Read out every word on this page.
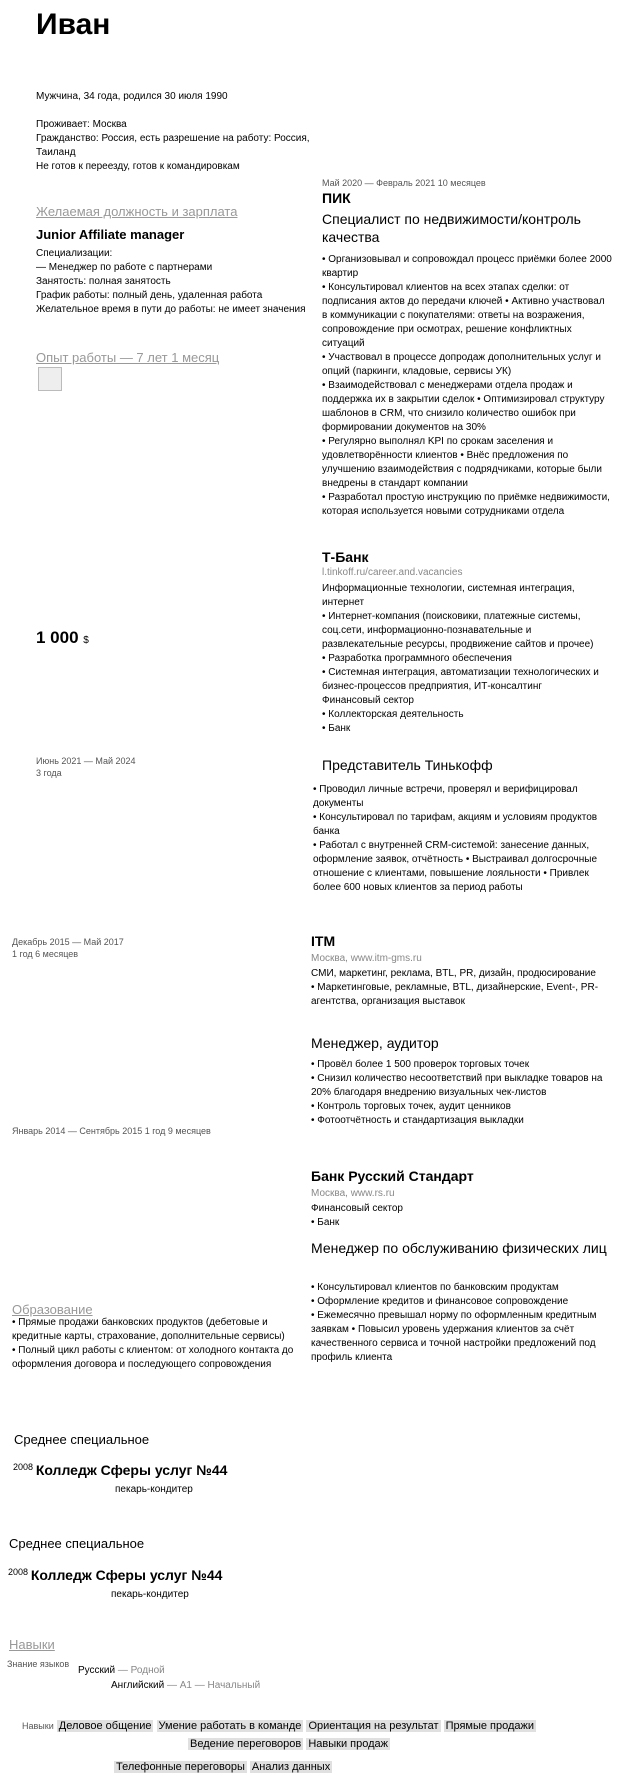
Иван
Мужчина, 34 года, родился 30 июля 1990
Проживает: Москва
Гражданство: Россия, есть разрешение на работу: Россия, Таиланд
Не готов к переезду, готов к командировкам
Желаемая должность и зарплата
Junior Affiliate manager
Специализации:
— Менеджер по работе с партнерами
Занятость: полная занятость
График работы: полный день, удаленная работа
Желательное время в пути до работы: не имеет значения
Опыт работы — 7 лет 1 месяц
Май 2020 — Февраль 2021 10 месяцев
ПИК
Специалист по недвижимости/контроль качества
• Организовывал и сопровождал процесс приёмки более 2000 квартир
• Консультировал клиентов на всех этапах сделки: от подписания актов до передачи ключей • Активно участвовал в коммуникации с покупателями: ответы на возражения, сопровождение при осмотрах, решение конфликтных ситуаций
• Участвовал в процессе допродаж дополнительных услуг и опций (паркинги, кладовые, сервисы УК)
• Взаимодействовал с менеджерами отдела продаж и поддержка их в закрытии сделок • Оптимизировал структуру шаблонов в CRM, что снизило количество ошибок при формировании документов на 30%
• Регулярно выполнял KPI по срокам заселения и удовлетворённости клиентов • Внёс предложения по улучшению взаимодействия с подрядчиками, которые были внедрены в стандарт компании
• Разработал простую инструкцию по приёмке недвижимости, которая используется новыми сотрудниками отдела
Т-Банк
l.tinkoff.ru/career.and.vacancies
Информационные технологии, системная интеграция, интернет
• Интернет-компания (поисковики, платежные системы, соц.сети, информационно-познавательные и развлекательные ресурсы, продвижение сайтов и прочее)
• Разработка программного обеспечения
• Системная интеграция, автоматизации технологических и бизнес-процессов предприятия, ИТ-консалтинг
Финансовый сектор
• Коллекторская деятельность
• Банк
1 000 $
Июнь 2021 — Май 2024
3 года	Представитель Тинькофф
• Проводил личные встречи, проверял и верифицировал документы
• Консультировал по тарифам, акциям и условиям продуктов банка
• Работал с внутренней CRM-системой: занесение данных, оформление заявок, отчётность • Выстраивал долгосрочные отношение с клиентами, повышение лояльности • Привлек более 600 новых клиентов за период работы
Декабрь 2015 — Май 2017
1 год 6 месяцев
ITM
Москва, www.itm-gms.ru
СМИ, маркетинг, реклама, BTL, PR, дизайн, продюсирование
• Маркетинговые, рекламные, BTL, дизайнерские, Event-, PR-агентства, организация выставок
Менеджер, аудитор
• Провёл более 1 500 проверок торговых точек
• Снизил количество несоответствий при выкладке товаров на 20% благодаря внедрению визуальных чек-листов
• Контроль торговых точек, аудит ценников
• Фотоотчётность и стандартизация выкладки
Январь 2014 — Сентябрь 2015 1 год 9 месяцев
Банк Русский Стандарт
Москва, www.rs.ru
Финансовый сектор
• Банк
Менеджер по обслуживанию физических лиц
• Консультировал клиентов по банковским продуктам
• Оформление кредитов и финансовое сопровождение
• Ежемесячно превышал норму по оформленным кредитным заявкам • Повысил уровень удержания клиентов за счёт качественного сервиса и точной настройки предложений под профиль клиента
Образование
• Прямые продажи банковских продуктов (дебетовые и кредитные карты, страхование, дополнительные сервисы)
• Полный цикл работы с клиентом: от холодного контакта до оформления договора и последующего сопровождения
Среднее специальное
2008 Колледж Сферы услуг №44
пекарь-кондитер
Среднее специальное
2008 Колледж Сферы услуг №44
пекарь-кондитер
Навыки
Знание языков
Русский — Родной
Английский — A1 — Начальный
Навыки Деловое общение Умение работать в команде Ориентация на результат Прямые продажи
Ведение переговоров Навыки продаж
Телефонные переговоры Анализ данных
